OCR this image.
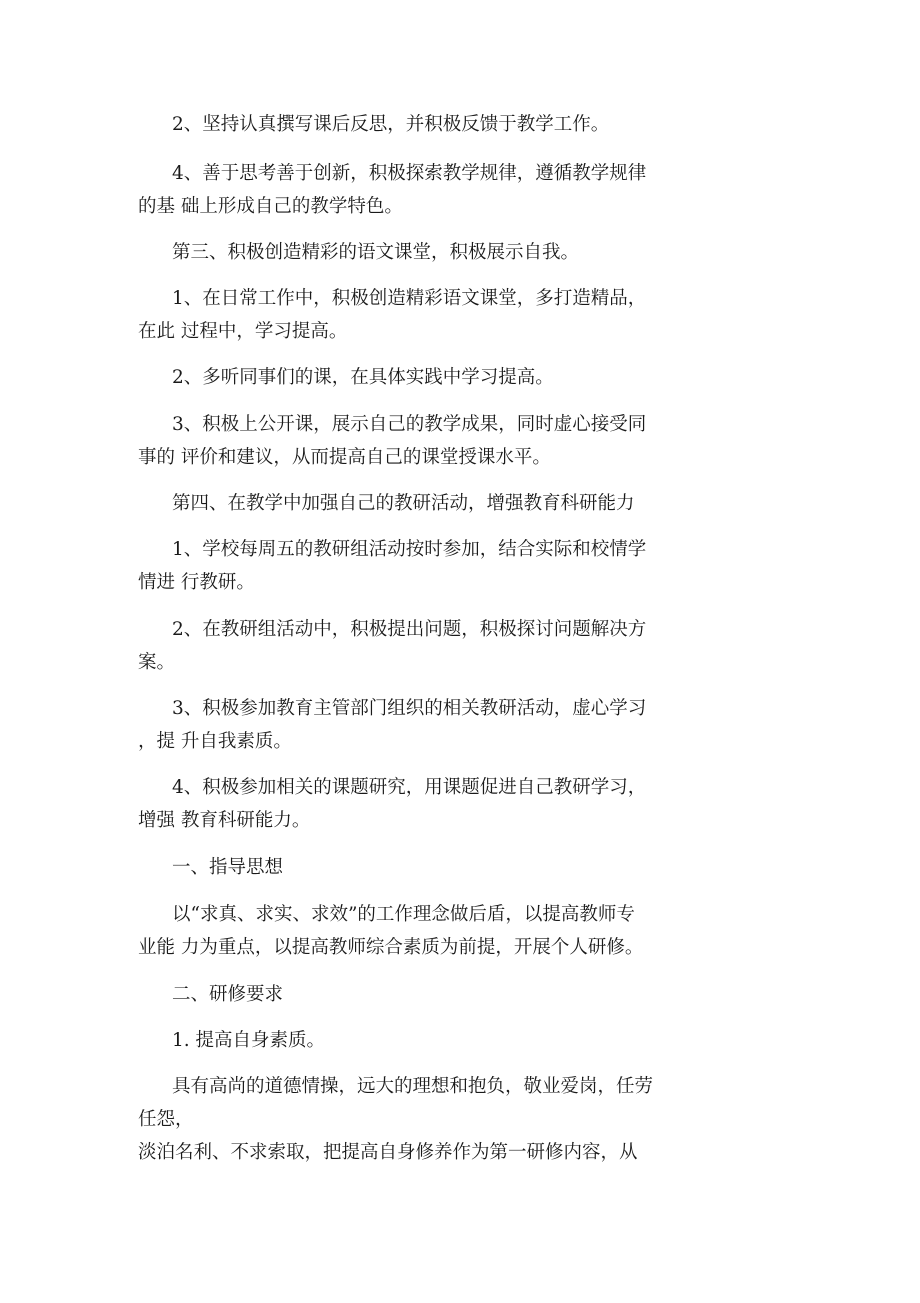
2、坚持认真撰写课后反思，并积极反馈于教学工作。
4、善于思考善于创新，积极探索教学规律，遵循教学规律
的基 础上形成自己的教学特色。
第三、积极创造精彩的语文课堂，积极展示自我。
1、在日常工作中，积极创造精彩语文课堂，多打造精品，
在此 过程中，学习提高。
2、多听同事们的课，在具体实践中学习提高。
3、积极上公开课，展示自己的教学成果，同时虚心接受同
事的 评价和建议，从而提高自己的课堂授课水平。
第四、在教学中加强自己的教研活动，增强教育科研能力
1、学校每周五的教研组活动按时参加，结合实际和校情学
情进 行教研。
2、在教研组活动中，积极提出问题，积极探讨问题解决方
案。
3、积极参加教育主管部门组织的相关教研活动，虚心学习
，提 升自我素质。
4、积极参加相关的课题研究，用课题促进自己教研学习，
增强 教育科研能力。
一、指导思想
以“求真、求实、求效”的工作理念做后盾，以提高教师专
业能 力为重点，以提高教师综合素质为前提，开展个人研修。
二、研修要求
1. 提高自身素质。
具有高尚的道德情操，远大的理想和抱负，敬业爱岗，任劳
任怨，
淡泊名利、不求索取，把提高自身修养作为第一研修内容，从
